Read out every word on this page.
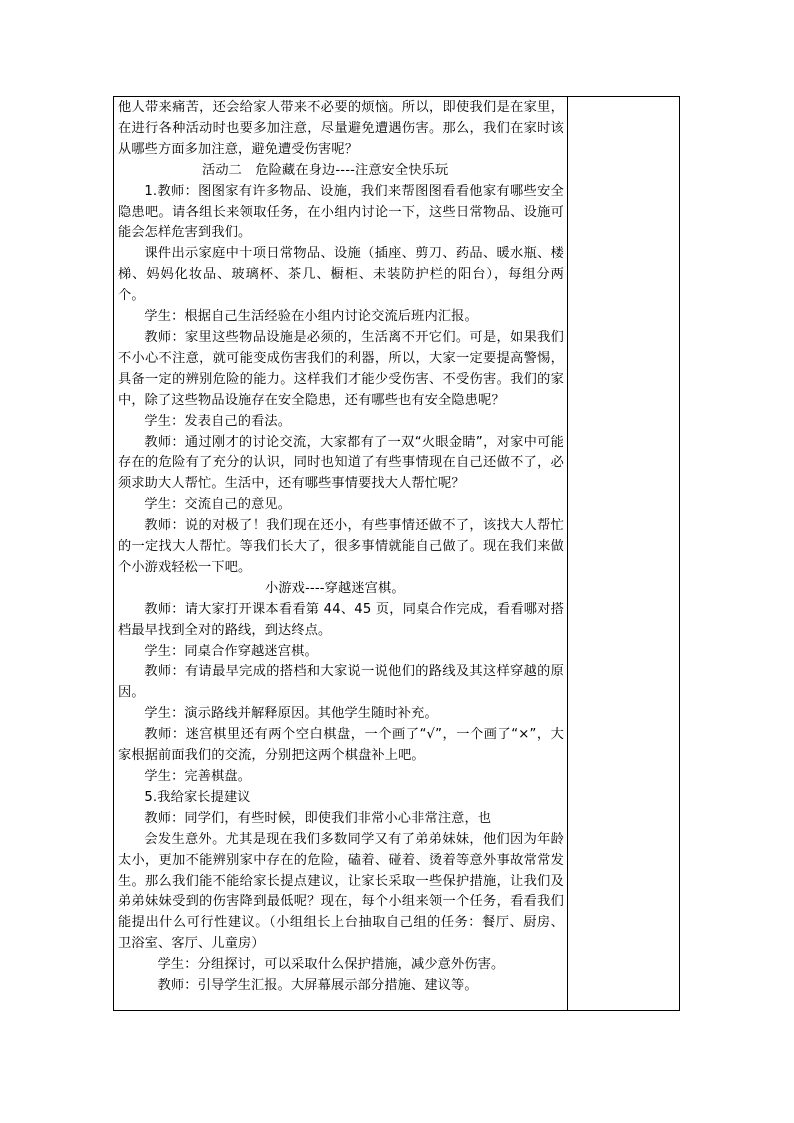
他人带来痛苦，还会给家人带来不必要的烦恼。所以，即使我们是在家里，在进行各种活动时也要多加注意，尽量避免遭遇伤害。那么，我们在家时该从哪些方面多加注意，避免遭受伤害呢？

活动二　危险藏在身边----注意安全快乐玩

1.教师：图图家有许多物品、设施，我们来帮图图看看他家有哪些安全隐患吧。请各组长来领取任务，在小组内讨论一下，这些日常物品、设施可能会怎样危害到我们。

课件出示家庭中十项日常物品、设施（插座、剪刀、药品、暖水瓶、楼梯、妈妈化妆品、玻璃杯、茶几、橱柜、未装防护栏的阳台），每组分两个。

学生：根据自己生活经验在小组内讨论交流后班内汇报。

教师：家里这些物品设施是必须的，生活离不开它们。可是，如果我们不小心不注意，就可能变成伤害我们的利器，所以，大家一定要提高警惕，具备一定的辨别危险的能力。这样我们才能少受伤害、不受伤害。我们的家中，除了这些物品设施存在安全隐患，还有哪些也有安全隐患呢？

学生：发表自己的看法。

教师：通过刚才的讨论交流，大家都有了一双“火眼金睛”，对家中可能存在的危险有了充分的认识，同时也知道了有些事情现在自己还做不了，必须求助大人帮忙。生活中，还有哪些事情要找大人帮忙呢？

学生：交流自己的意见。

教师：说的对极了！我们现在还小，有些事情还做不了，该找大人帮忙的一定找大人帮忙。等我们长大了，很多事情就能自己做了。现在我们来做个小游戏轻松一下吧。

小游戏----穿越迷宫棋。

教师：请大家打开课本看看第 44、45 页，同桌合作完成，看看哪对搭档最早找到全对的路线，到达终点。

学生：同桌合作穿越迷宫棋。

教师：有请最早完成的搭档和大家说一说他们的路线及其这样穿越的原因。

学生：演示路线并解释原因。其他学生随时补充。

教师：迷宫棋里还有两个空白棋盘，一个画了“√”，一个画了“×”，大家根据前面我们的交流，分别把这两个棋盘补上吧。

学生：完善棋盘。

5.我给家长提建议

教师：同学们，有些时候，即使我们非常小心非常注意，也

会发生意外。尤其是现在我们多数同学又有了弟弟妹妹，他们因为年龄太小，更加不能辨别家中存在的危险，磕着、碰着、烫着等意外事故常常发生。那么我们能不能给家长提点建议，让家长采取一些保护措施，让我们及弟弟妹妹受到的伤害降到最低呢？现在，每个小组来领一个任务，看看我们能提出什么可行性建议。（小组组长上台抽取自己组的任务：餐厅、厨房、卫浴室、客厅、儿童房）

学生：分组探讨，可以采取什么保护措施，减少意外伤害。

教师：引导学生汇报。大屏幕展示部分措施、建议等。
